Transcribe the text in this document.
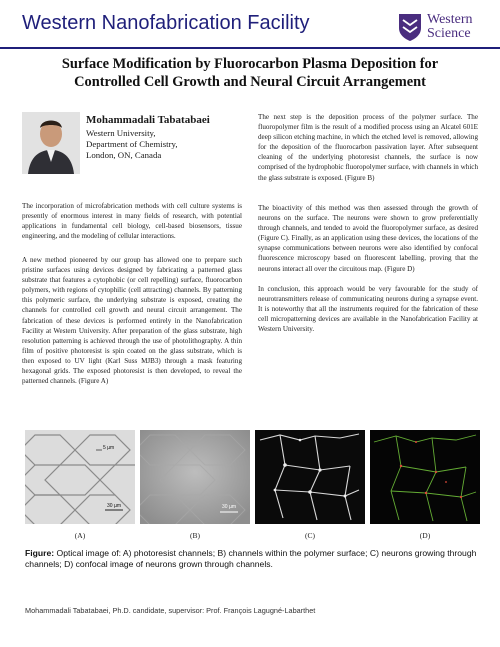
Western Nanofabrication Facility	Western
Science
Surface Modification by Fluorocarbon Plasma Deposition for
Controlled Cell Growth and Neural Circuit Arrangement
Mohammadali Tabatabaei
Western University,
Department of Chemistry,
London, ON, Canada
The incorporation of microfabrication methods with cell culture systems is presently of enormous interest in many fields of research, with potential applications in fundamental cell biology, cell-based biosensors, tissue engineering, and the modeling of cellular interactions.
A new method pioneered by our group has allowed one to prepare such pristine surfaces using devices designed by fabricating a patterned glass substrate that features a cytophobic (or cell repelling) surface, fluorocarbon polymers, with regions of cytophilic (cell attracting) channels. By patterning this polymeric surface, the underlying substrate is exposed, creating the channels for controlled cell growth and neural circuit arrangement. The fabrication of these devices is performed entirely in the Nanofabrication Facility at Western University. After preparation of the glass substrate, high resolution patterning is achieved through the use of photolithography. A thin film of positive photoresist is spin coated on the glass substrate, which is then exposed to UV light (Karl Suss MJB3) through a mask featuring hexagonal grids. The exposed photoresist is then developed, to reveal the patterned channels. (Figure A)
The next step is the deposition process of the polymer surface. The fluoropolymer film is the result of a modified process using an Alcatel 601E deep silicon etching machine, in which the etched level is removed, allowing for the deposition of the fluorocarbon passivation layer. After subsequent cleaning of the underlying photoresist channels, the surface is now comprised of the hydrophobic fluoropolymer surface, with channels in which the glass substrate is exposed. (Figure B)
The bioactivity of this method was then assessed through the growth of neurons on the surface. The neurons were shown to grow preferentially through channels, and tended to avoid the fluoropolymer surface, as desired (Figure C). Finally, as an application using these devices, the locations of the synapse communications between neurons were also identified by confocal fluorescence microscopy based on fluorescent labelling, proving that the neurons interact all over the circuitous map. (Figure D)
In conclusion, this approach would be very favourable for the study of neurotransmitters release of communicating neurons during a synapse event. It is noteworthy that all the instruments required for the fabrication of these cell micropatterning devices are available in the Nanofabrication Facility at Western University.
5 µm
30 µm	30 µm
(A)	(B)	(C)	(D)
Figure: Optical image of: A) photoresist channels; B) channels within the polymer surface; C) neurons growing through channels; D) confocal image of neurons grown through channels.
Mohammadali Tabatabaei, Ph.D. candidate, supervisor: Prof. François Lagugné-Labarthet
